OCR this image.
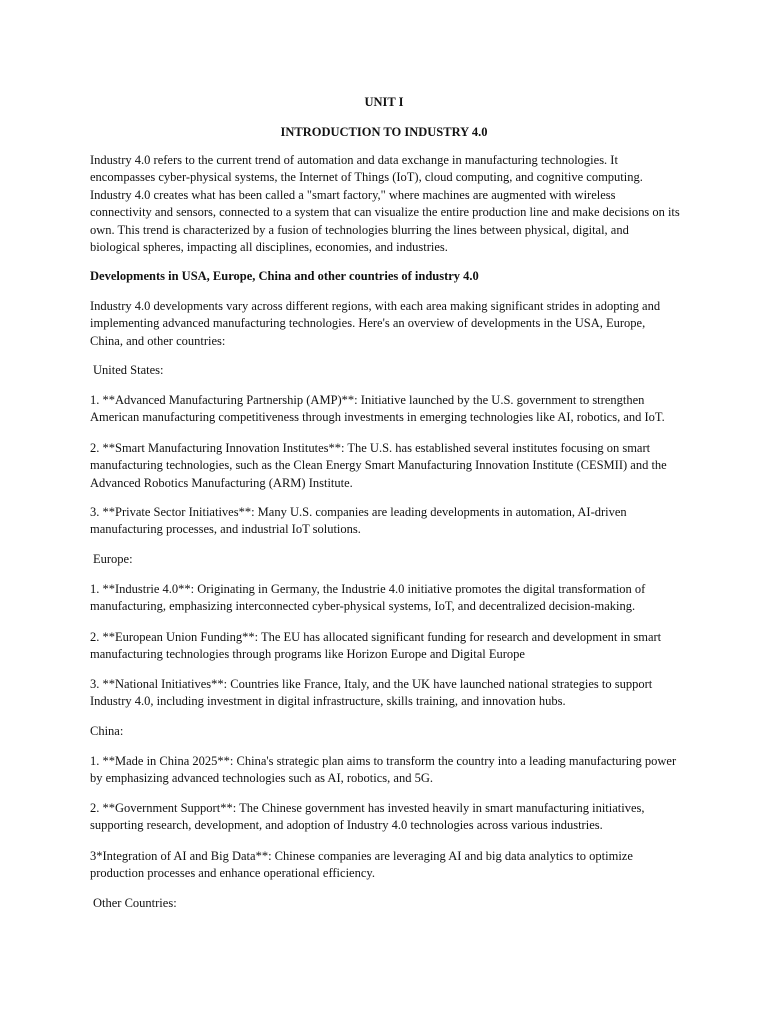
UNIT I

INTRODUCTION TO INDUSTRY 4.0

Industry 4.0 refers to the current trend of automation and data exchange in manufacturing technologies. It encompasses cyber-physical systems, the Internet of Things (IoT), cloud computing, and cognitive computing. Industry 4.0 creates what has been called a "smart factory," where machines are augmented with wireless connectivity and sensors, connected to a system that can visualize the entire production line and make decisions on its own. This trend is characterized by a fusion of technologies blurring the lines between physical, digital, and biological spheres, impacting all disciplines, economies, and industries.

Developments in USA, Europe, China and other countries of industry 4.0

Industry 4.0 developments vary across different regions, with each area making significant strides in adopting and implementing advanced manufacturing technologies. Here's an overview of developments in the USA, Europe, China, and other countries:

United States:

1. **Advanced Manufacturing Partnership (AMP)**: Initiative launched by the U.S. government to strengthen American manufacturing competitiveness through investments in emerging technologies like AI, robotics, and IoT.

2. **Smart Manufacturing Innovation Institutes**: The U.S. has established several institutes focusing on smart manufacturing technologies, such as the Clean Energy Smart Manufacturing Innovation Institute (CESMII) and the Advanced Robotics Manufacturing (ARM) Institute.

3. **Private Sector Initiatives**: Many U.S. companies are leading developments in automation, AI-driven manufacturing processes, and industrial IoT solutions.

Europe:

1. **Industrie 4.0**: Originating in Germany, the Industrie 4.0 initiative promotes the digital transformation of manufacturing, emphasizing interconnected cyber-physical systems, IoT, and decentralized decision-making.

2. **European Union Funding**: The EU has allocated significant funding for research and development in smart manufacturing technologies through programs like Horizon Europe and Digital Europe

3. **National Initiatives**: Countries like France, Italy, and the UK have launched national strategies to support Industry 4.0, including investment in digital infrastructure, skills training, and innovation hubs.

China:

1. **Made in China 2025**: China's strategic plan aims to transform the country into a leading manufacturing power by emphasizing advanced technologies such as AI, robotics, and 5G.

2. **Government Support**: The Chinese government has invested heavily in smart manufacturing initiatives, supporting research, development, and adoption of Industry 4.0 technologies across various industries.

3*Integration of AI and Big Data**: Chinese companies are leveraging AI and big data analytics to optimize production processes and enhance operational efficiency.

Other Countries:
